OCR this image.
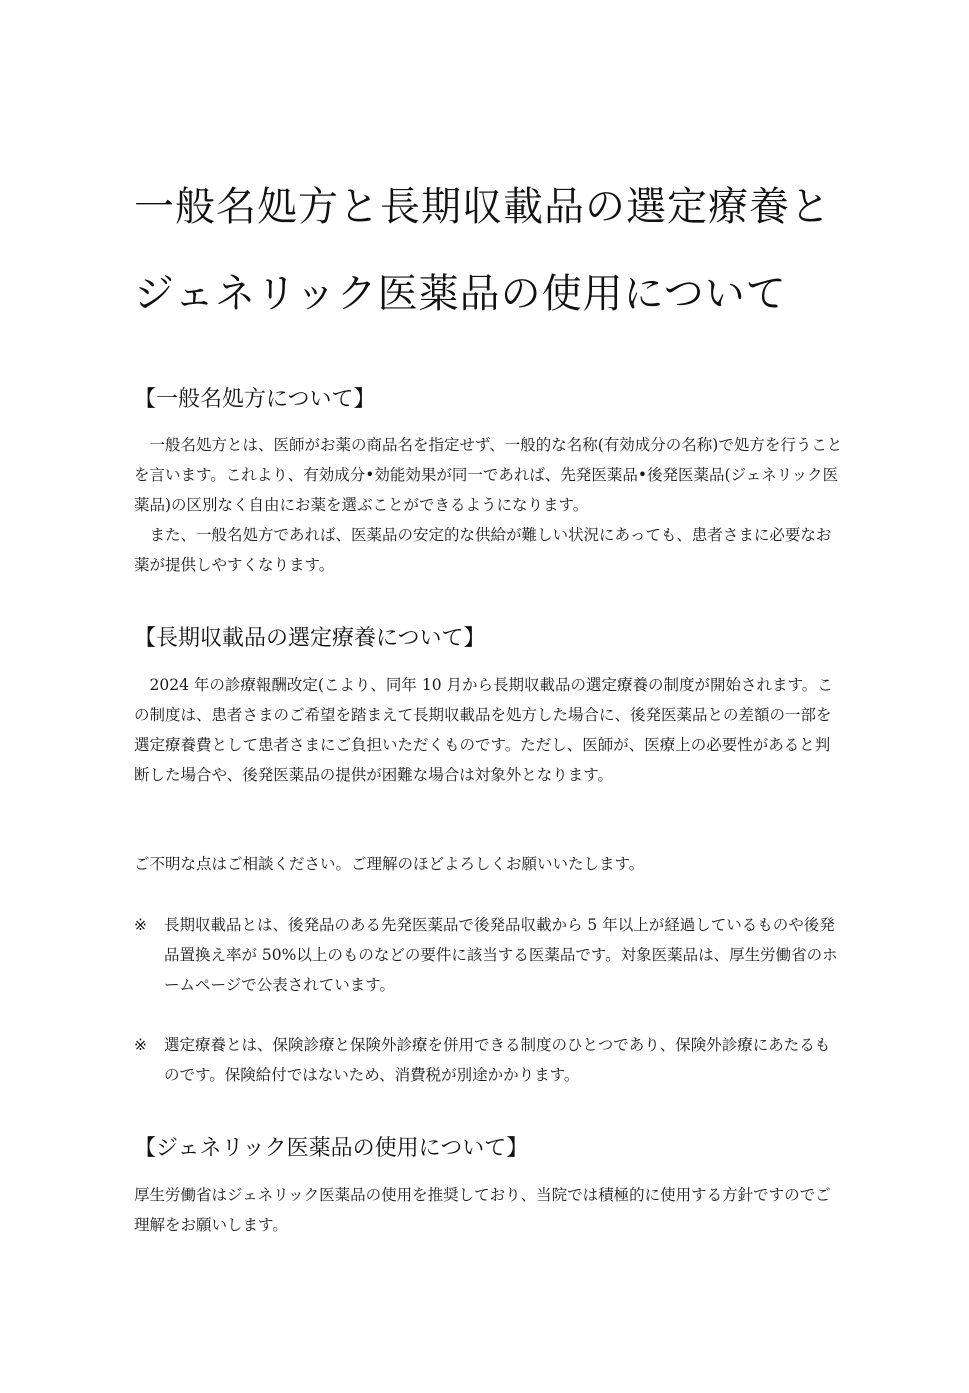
一般名処方と長期収載品の選定療養と
ジェネリック医薬品の使用について
【一般名処方について】

一般名処方とは、医師がお薬の商品名を指定せず、一般的な名称(有効成分の名称)で処方を行うことを言います。これより、有効成分•効能効果が同一であれば、先発医薬品•後発医薬品(ジェネリック医薬品)の区別なく自由にお薬を選ぶことができるようになります。

また、一般名処方であれば、医薬品の安定的な供給が難しい状況にあっても、患者さまに必要なお薬が提供しやすくなります。

【長期収載品の選定療養について】

2024 年の診療報酬改定(こより、同年 10 月から長期収載品の選定療養の制度が開始されます。この制度は、患者さまのご希望を踏まえて長期収載品を処方した場合に、後発医薬品との差額の一部を選定療養費として患者さまにご負担いただくものです。ただし、医師が、医療上の必要性があると判断した場合や、後発医薬品の提供が困難な場合は対象外となります。

ご不明な点はご相談ください。ご理解のほどよろしくお願いいたします。

※	長期収載品とは、後発品のある先発医薬品で後発品収載から 5 年以上が経過しているものや後発品置換え率が 50%以上のものなどの要件に該当する医薬品です。対象医薬品は、厚生労働省のホームページで公表されています。
※	選定療養とは、保険診療と保険外診療を併用できる制度のひとつであり、保険外診療にあたるものです。保険給付ではないため、消費税が別途かかります。
【ジェネリック医薬品の使用について】

厚生労働省はジェネリック医薬品の使用を推奨しており、当院では積極的に使用する方針ですのでご理解をお願いします。
